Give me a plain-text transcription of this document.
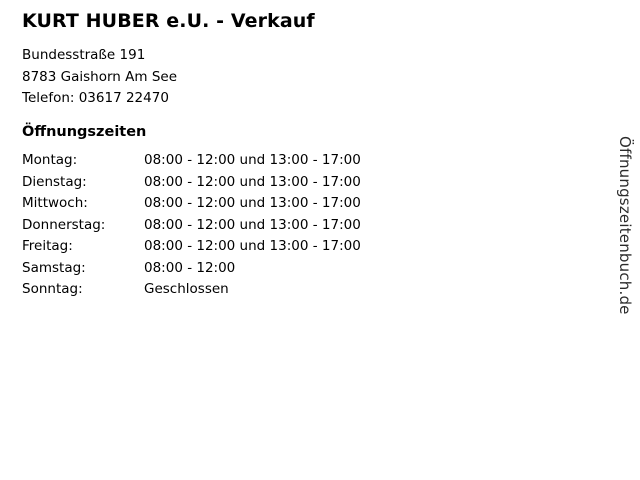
KURT HUBER e.U. - Verkauf
Bundesstraße 191
8783 Gaishorn Am See
Telefon: 03617 22470
Öffnungszeiten
Montag:	08:00 - 12:00 und 13:00 - 17:00
Dienstag:	08:00 - 12:00 und 13:00 - 17:00
Mittwoch:	08:00 - 12:00 und 13:00 - 17:00
Donnerstag:	08:00 - 12:00 und 13:00 - 17:00
Freitag:	08:00 - 12:00 und 13:00 - 17:00
Samstag:	08:00 - 12:00
Sonntag:	Geschlossen	Öffnungszeitenbuch.de
